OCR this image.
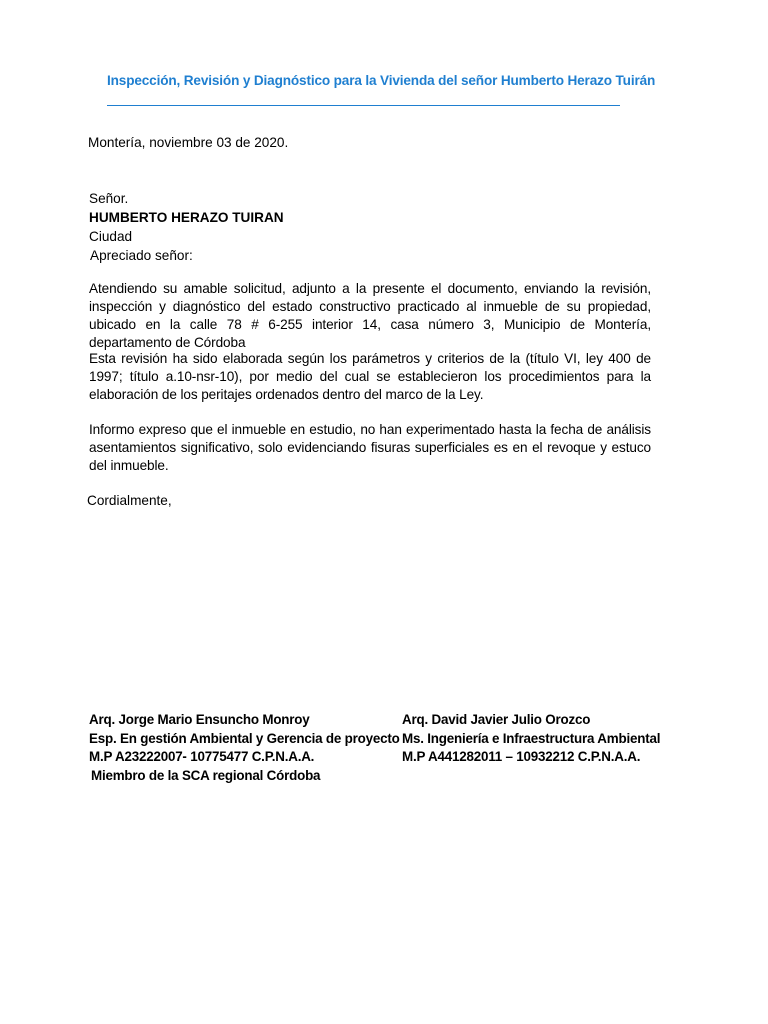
Inspección, Revisión y Diagnóstico para la Vivienda del señor Humberto Herazo Tuirán
Montería, noviembre 03 de 2020.
Señor.
HUMBERTO HERAZO TUIRAN
Ciudad
Apreciado señor:
Atendiendo su amable solicitud, adjunto a la presente el documento, enviando la revisión, inspección y diagnóstico del estado constructivo practicado al inmueble de su propiedad, ubicado en la calle 78 # 6-255 interior 14, casa número 3, Municipio de Montería, departamento de Córdoba
Esta revisión ha sido elaborada según los parámetros y criterios de la (título VI, ley 400 de 1997; título a.10-nsr-10), por medio del cual se establecieron los procedimientos para la elaboración de los peritajes ordenados dentro del marco de la Ley.
Informo expreso que el inmueble en estudio, no han experimentado hasta la fecha de análisis asentamientos significativo, solo evidenciando fisuras superficiales es en el revoque y estuco del inmueble.
Cordialmente,
Arq. Jorge Mario Ensuncho Monroy
Esp. En gestión Ambiental y Gerencia de proyecto
M.P A23222007- 10775477 C.P.N.A.A.
Miembro de la SCA regional Córdoba
Arq. David Javier Julio Orozco
Ms. Ingeniería e Infraestructura Ambiental
M.P A441282011 – 10932212 C.P.N.A.A.
